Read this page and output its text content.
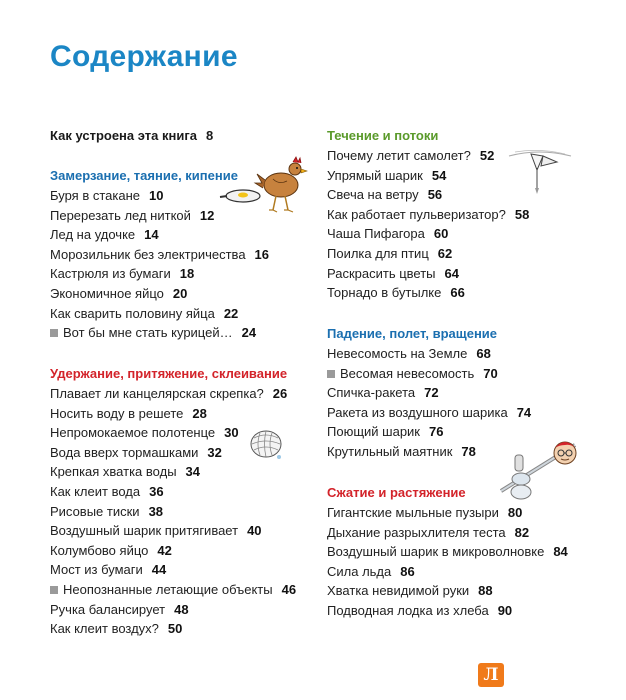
Содержание
Как устроена эта книга 8
Замерзание, таяние, кипение
Буря в стакане 10
Перерезать лед ниткой 12
Лед на удочке 14
Морозильник без электричества 16
Кастрюля из бумаги 18
Экономичное яйцо 20
Как сварить половину яйца 22
Вот бы мне стать курицей… 24
Удержание, притяжение, склеивание
Плавает ли канцелярская скрепка? 26
Носить воду в решете 28
Непромокаемое полотенце 30
Вода вверх тормашками 32
Крепкая хватка воды 34
Как клеит вода 36
Рисовые тиски 38
Воздушный шарик притягивает 40
Колумбово яйцо 42
Мост из бумаги 44
Неопознанные летающие объекты 46
Ручка балансирует 48
Как клеит воздух? 50
Течение и потоки
Почему летит самолет? 52
Упрямый шарик 54
Свеча на ветру 56
Как работает пульверизатор? 58
Чаша Пифагора 60
Поилка для птиц 62
Раскрасить цветы 64
Торнадо в бутылке 66
Падение, полет, вращение
Невесомость на Земле 68
Весомая невесомость 70
Спичка-ракета 72
Ракета из воздушного шарика 74
Поющий шарик 76
Крутильный маятник 78
Сжатие и растяжение
Гигантские мыльные пузыри 80
Дыхание разрыхлителя теста 82
Воздушный шарик в микроволновке 84
Сила льда 86
Хватка невидимой руки 88
Подводная лодка из хлеба 90
Л
